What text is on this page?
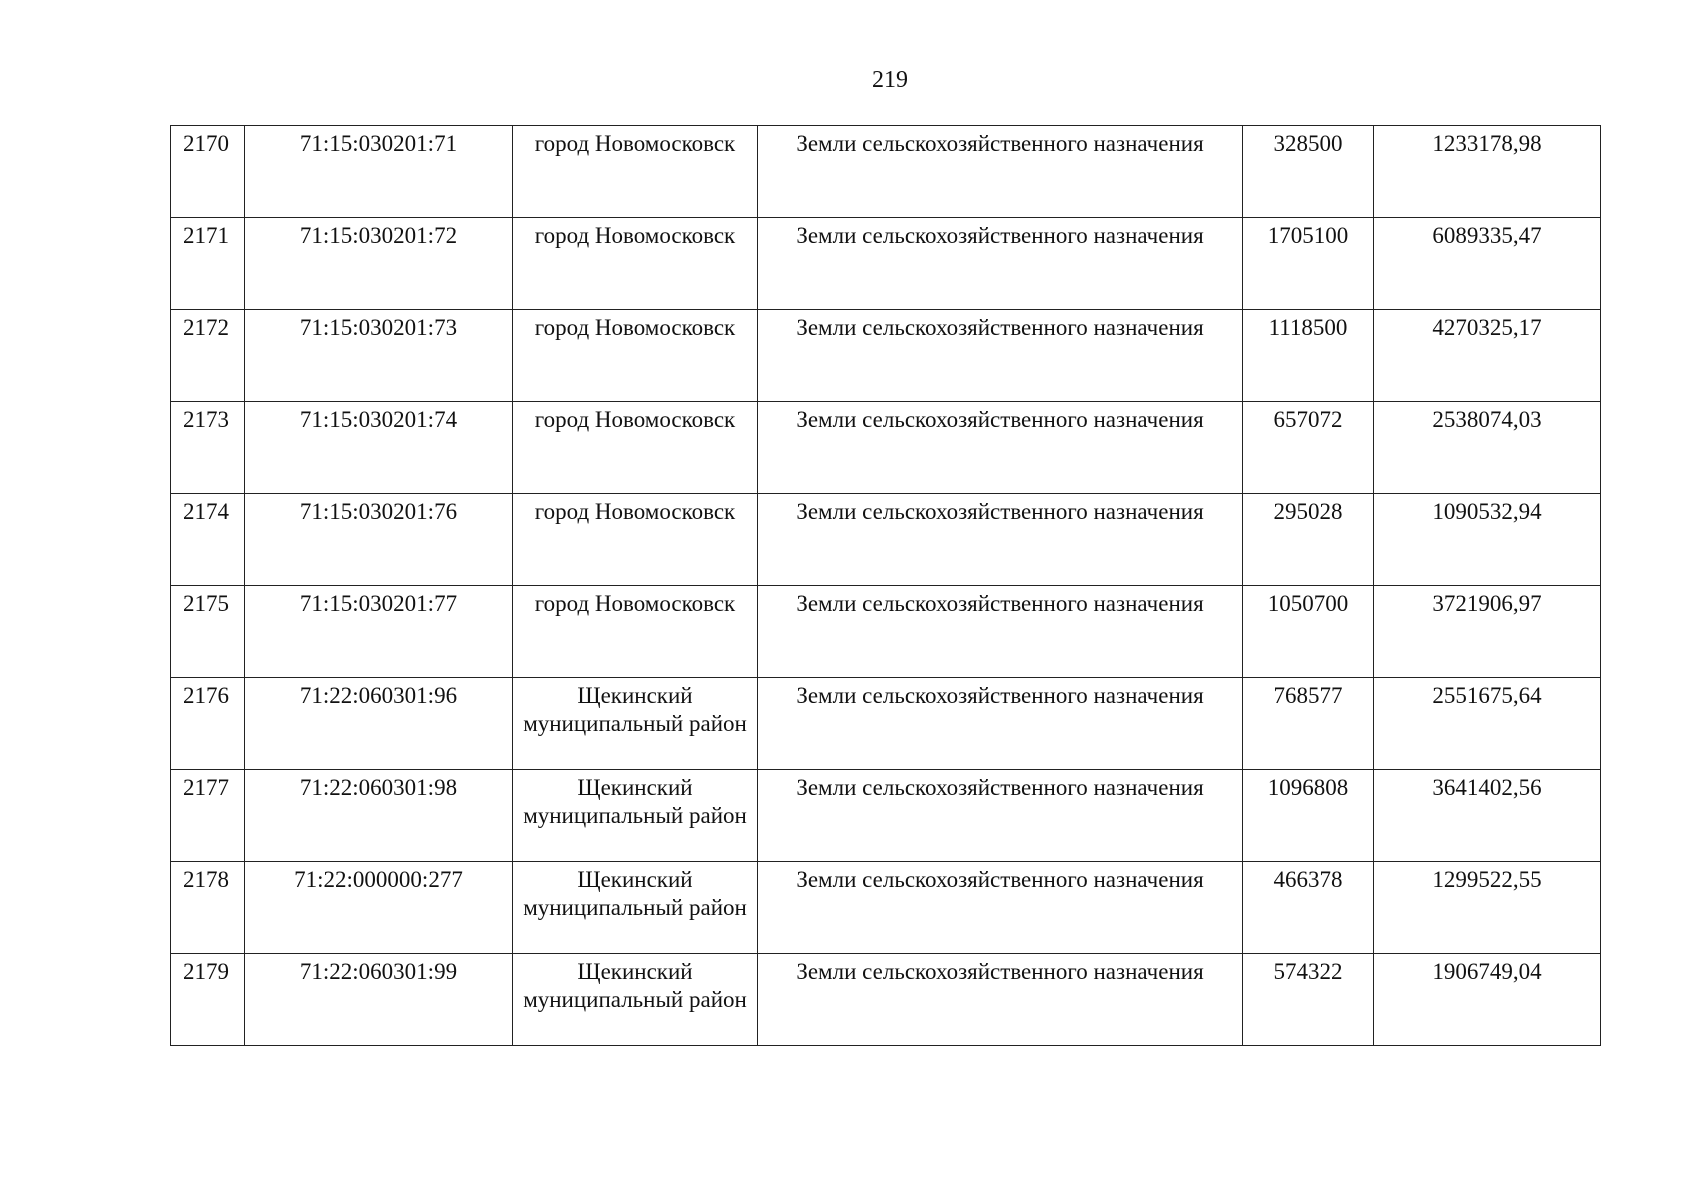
219
2170	71:15:030201:71	город Новомосковск	Земли сельскохозяйственного назначения	328500	1233178,98
2171	71:15:030201:72	город Новомосковск	Земли сельскохозяйственного назначения	1705100	6089335,47
2172	71:15:030201:73	город Новомосковск	Земли сельскохозяйственного назначения	1118500	4270325,17
2173	71:15:030201:74	город Новомосковск	Земли сельскохозяйственного назначения	657072	2538074,03
2174	71:15:030201:76	город Новомосковск	Земли сельскохозяйственного назначения	295028	1090532,94
2175	71:15:030201:77	город Новомосковск	Земли сельскохозяйственного назначения	1050700	3721906,97
2176	71:22:060301:96	Щекинский муниципальный район	Земли сельскохозяйственного назначения	768577	2551675,64
2177	71:22:060301:98	Щекинский муниципальный район	Земли сельскохозяйственного назначения	1096808	3641402,56
2178	71:22:000000:277	Щекинский муниципальный район	Земли сельскохозяйственного назначения	466378	1299522,55
2179	71:22:060301:99	Щекинский муниципальный район	Земли сельскохозяйственного назначения	574322	1906749,04
